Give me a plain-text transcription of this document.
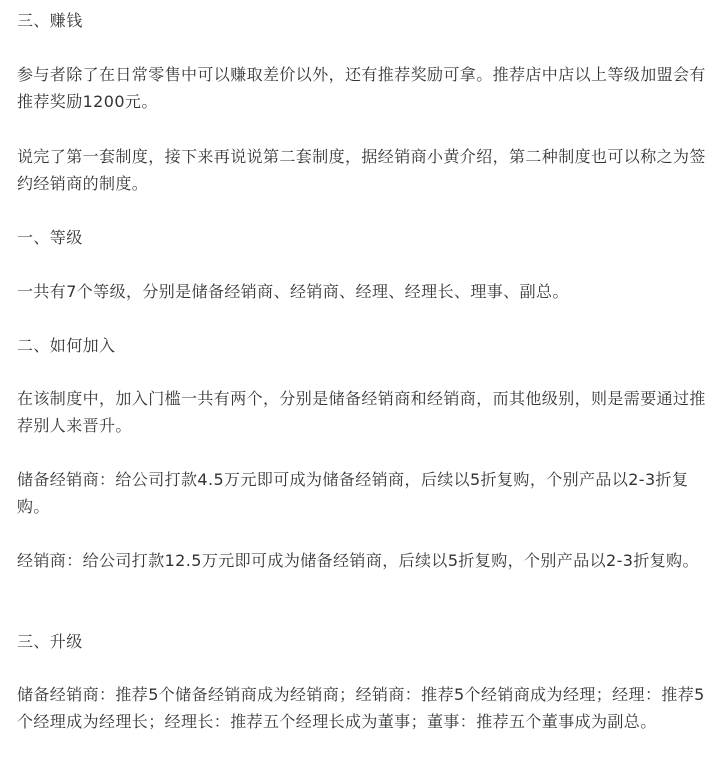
三、赚钱

参与者除了在日常零售中可以赚取差价以外，还有推荐奖励可拿。推荐店中店以上等级加盟会有推荐奖励1200元。

说完了第一套制度，接下来再说说第二套制度，据经销商小黄介绍，第二种制度也可以称之为签约经销商的制度。

一、等级

一共有7个等级，分别是储备经销商、经销商、经理、经理长、理事、副总。

二、如何加入

在该制度中，加入门槛一共有两个，分别是储备经销商和经销商，而其他级别，则是需要通过推荐别人来晋升。

储备经销商：给公司打款4.5万元即可成为储备经销商，后续以5折复购，个别产品以2-3折复购。

经销商：给公司打款12.5万元即可成为储备经销商，后续以5折复购，个别产品以2-3折复购。

三、升级

储备经销商：推荐5个储备经销商成为经销商；经销商：推荐5个经销商成为经理；经理：推荐5个经理成为经理长；经理长：推荐五个经理长成为董事；董事：推荐五个董事成为副总。
